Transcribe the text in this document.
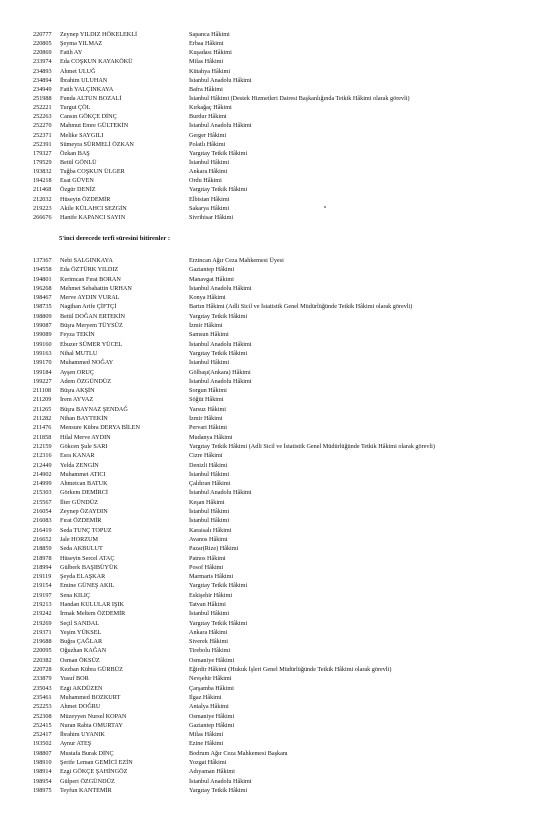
220777	Zeynep YILDIZ HÖKELEKLİ	Sapanca Hâkimi
220805	Şeyma YILMAZ	Erbaa Hâkimi
220869	Fatih AY	Kuşadası Hâkimi
233974	Eda COŞKUN KAYAKÖKÜ	Milas Hâkimi
234893	Ahmet ULUĞ	Kütahya Hâkimi
234894	İbrahim ULUHAN	İstanbul Anadolu Hâkimi
234949	Fatih YALÇINKAYA	Bafra Hâkimi
251988	Funda ALTUN BOZALİ	İstanbul Hâkimi (Destek Hizmetleri Dairesi Başkanlığında Tetkik Hâkimi olarak görevli)
252221	Turgut ÇÖL	Kırkağaç Hâkimi
252263	Cansın GÖKÇE DİNÇ	Burdur Hâkimi
252270	Mahmut Emre GÜLTEKİN	İstanbul Anadolu Hâkimi
252371	Melike SAYGILI	Gerger Hâkimi
252391	Sümeyra SÜRMELİ ÖZKAN	Polatlı Hâkimi
179327	Özkan BAŞ	Yargıtay Tetkik Hâkimi
179529	Betül GÖNLÜ	İstanbul Hâkimi
193832	Tuğba COŞKUN ÜLGER	Ankara Hâkimi
194218	Esat GÜVEN	Ordu Hâkimi
211468	Özgür DENİZ	Yargıtay Tetkik Hâkimi
212032	Hüseyin ÖZDEMİR	Elbistan Hâkimi
219223	Akile KÜLAHCI SEZGİN	Sakarya Hâkimi
266676	Hanife KAPANCI SAYIN	Sivrihisar Hâkimi
5'inci derecede terfi süresini bitirenler :
137367	Nebi SALGINKAYA	Erzincan Ağır Ceza Mahkemesi Üyesi
194558	Eda ÖZTÜRK YILDIZ	Gaziantep Hâkimi
194801	Kerimcan Fırat BORAN	Manavgat Hâkimi
196268	Mehmet Sebahattin URHAN	İstanbul Anadolu Hâkimi
198467	Merve AYDIN VURAL	Konya Hâkimi
198735	Nagihan Arife ÇİFTÇİ	Bartın Hâkimi (Adli Sicil ve İstatistik Genel Müdürlüğünde Tetkik Hâkimi olarak görevli)
198809	Betül DOĞAN ERTEKİN	Yargıtay Tetkik Hâkimi
199087	Büşra Meryem TÜYSÜZ	İzmir Hâkimi
199089	Feyza TEKİN	Samsun Hâkimi
199160	Ebuzer SÜMER YÜCEL	İstanbul Anadolu Hâkimi
199163	Nihal MUTLU	Yargıtay Tetkik Hâkimi
199170	Muhammed NOĞAY	İstanbul Hâkimi
199184	Ayşen ORUÇ	Gölbaşı(Ankara) Hâkimi
199227	Adem ÖZGÜNDÜZ	İstanbul Anadolu Hâkimi
211108	Büşra AKŞİN	Sorgun Hâkimi
211209	İrem AYVAZ	Söğüt Hâkimi
211265	Büşra BAYNAZ ŞENDAĞ	Yarsuz Hâkimi
211282	Nihan BAYTEKİN	İzmir Hâkimi
211476	Mensure Kübra DERYA BİLEN	Pervari Hâkimi
211858	Hilal Merve AYDIN	Mudanya Hâkimi
212159	Gökcen Şule SARI	Yargıtay Tetkik Hâkimi (Adli Sicil ve İstatistik Genel Müdürlüğünde Tetkik Hâkimi olarak görevli)
212316	Esra KANAR	Cizre Hâkimi
212449	Yelda ZENGİN	Denizli Hâkimi
214902	Muhammet ATICI	İstanbul Hâkimi
214999	Ahmetcan BATUK	Çaldıran Hâkimi
215303	Görkem DEMİRCİ	İstanbul Anadolu Hâkimi
215567	İlter GÜNDÜZ	Keşan Hâkimi
216054	Zeynep ÖZAYDIN	İstanbul Hâkimi
216083	Fırat ÖZDEMİR	İstanbul Hâkimi
216419	Seda TUNÇ TOPUZ	Karaisalı Hâkimi
216652	Jale HORZUM	Avanos Hâkimi
218859	Seda AKBULUT	Pazar(Rize) Hâkimi
218978	Hüseyin Sercel ATAÇ	Patnos Hâkimi
218994	Gülberk BAŞIBÜYÜK	Posof Hâkimi
219119	Şeyda ELAŞKAR	Marmaris Hâkimi
219154	Emine GÜNEŞ AKIL	Yargıtay Tetkik Hâkimi
219197	Sena KILIÇ	Eskişehir Hâkimi
219213	Handan KULULAR IŞIK	Tatvan Hâkimi
219242	İrmak Meltem ÖZDEMİR	İstanbul Hâkimi
219269	Seçil SANDAL	Yargıtay Tetkik Hâkimi
219371	Yeşim YÜKSEL	Ankara Hâkimi
219688	Buğra ÇAĞLAR	Siverek Hâkimi
220095	Oğuzhan KAĞAN	Tirebolu Hâkimi
220382	Osman ÖKSÜZ	Osmaniye Hâkimi
220728	Kezban Kübra GÜRBÜZ	Eğirdir Hâkimi (Hukuk İşleri Genel Müdürlüğünde Tetkik Hâkimi olarak görevli)
233879	Yusuf BOR	Nevşehir Hâkimi
235043	Ezgi AKDÜZEN	Çarşamba Hâkimi
235461	Muhammed BOZKURT	Ilgaz Hâkimi
252253	Ahmet DOĞRU	Antalya Hâkimi
252308	Müzeyyen Nursel KOPAN	Osmaniye Hâkimi
252415	Nuran Rabia OMURTAY	Gaziantep Hâkimi
252417	İbrahim UYANIK	Milas Hâkimi
193502	Aynur ATEŞ	Ezine Hâkimi
198807	Mustafa Burak DİNÇ	Bodrum Ağır Ceza Mahkemesi Başkanı
198910	Şerife Leman GEMİCİ EZİN	Yozgat Hâkimi
198914	Ezgi GÖKÇE ŞAHİNGÖZ	Adıyaman Hâkimi
198954	Gülperi ÖZGÜNDÜZ	İstanbul Anadolu Hâkimi
198975	Teyfun KANTEMİR	Yargıtay Tetkik Hâkimi
